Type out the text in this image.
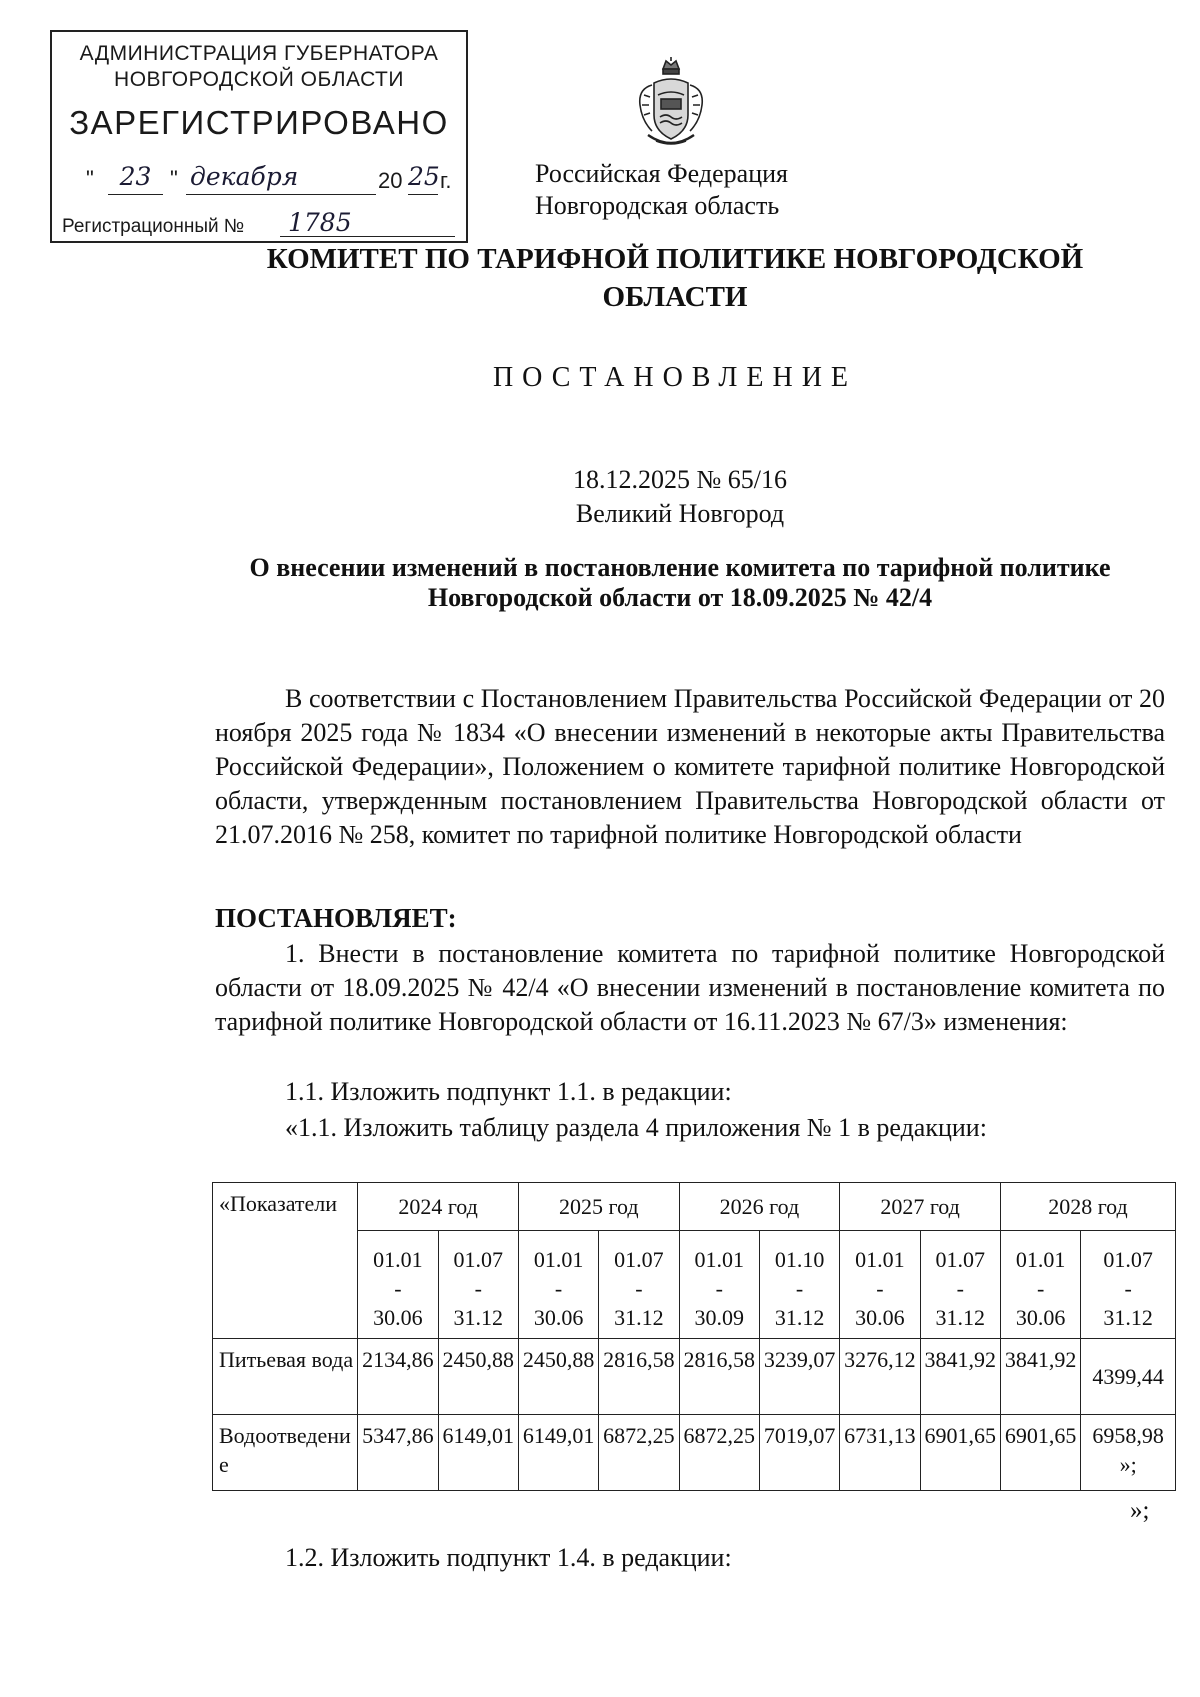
АДМИНИСТРАЦИЯ ГУБЕРНАТОРА
НОВГОРОДСКОЙ ОБЛАСТИ
ЗАРЕГИСТРИРОВАНО
"	23 " декабря	20 25 г.
Регистрационный №	1785
Российская Федерация
Новгородская область
КОМИТЕТ ПО ТАРИФНОЙ ПОЛИТИКЕ НОВГОРОДСКОЙ ОБЛАСТИ
ПОСТАНОВЛЕНИЕ
18.12.2025 № 65/16
Великий Новгород
О внесении изменений в постановление комитета по тарифной политике Новгородской области от 18.09.2025 № 42/4

В соответствии с Постановлением Правительства Российской Федерации от 20 ноября 2025 года № 1834 «О внесении изменений в некоторые акты Правительства Российской Федерации», Положением о комитете тарифной политике Новгородской области, утвержденным постановлением Правительства Новгородской области от 21.07.2016 № 258, комитет по тарифной политике Новгородской области

ПОСТАНОВЛЯЕТ:

1. Внести в постановление комитета по тарифной политике Новгородской области от 18.09.2025 № 42/4 «О внесении изменений в постановление комитета по тарифной политике Новгородской области от 16.11.2023 № 67/3» изменения:

1.1. Изложить подпункт 1.1. в редакции:
«1.1. Изложить таблицу раздела 4 приложения № 1 в редакции:
«Показатели	2024 год		2025 год		2026 год		2027 год		2028 год	

	01.01
-
30.06	01.07
-
31.12	01.01
-
30.06	01.07
-
31.12	01.01
-
30.09	01.10
-
31.12	01.01
-
30.06	01.07
-
31.12	01.01
-
30.06	01.07
-
31.12

Питьевая вода	2134,86	2450,88	2450,88	2816,58	2816,58	3239,07	3276,12	3841,92	3841,92	4399,44
Водоотведение	5347,86	6149,01	6149,01	6872,25	6872,25	7019,07	6731,13	6901,65	6901,65	6958,98 »;
»;
1.2. Изложить подпункт 1.4. в редакции:
